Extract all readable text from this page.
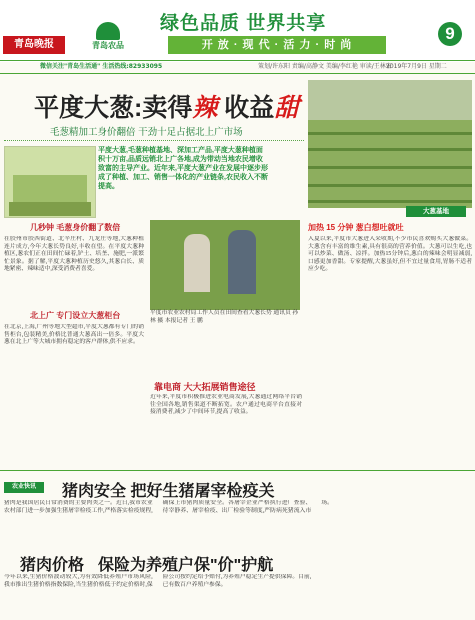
青岛晚报	青岛农品
绿色品质 世界共享
开 放 · 现 代 · 活 力 · 时 尚
9
微信关注"青岛生活通" 生活热线:82933095	策划/许东阳 责编/高静文 美编/李红艳 审读/王林宏
2019年7月9日 星期二
平度大葱:卖得辣 收益甜
毛葱精加工身价翻倍 干劲十足占据北上广市场
大葱基地
平度大葱,毛葱种植基地、深加工产品,平度大葱种植面积十万亩,品质远销北上广各地,成为带动当地农民增收致富的主导产业。近年来,平度大葱产业在发展中逐步形成了种植、加工、销售一体化的产业链条,农民收入不断提高。
几秒钟 毛葱身价翻了数倍
在胶州市胶西街道、北辛庄村、九龙庄等地,大葱种植连片成方,今年大葱长势良好,丰收在望。在平度大葱种植区,葱农们正在田间忙碌着,铲土、培垄、施肥,一派繁忙景象。据了解,平度大葱种植历史悠久,其葱白长、质地紧密、辣味适中,深受消费者喜爱。
北上广 专门设立大葱柜台
在北京,上海,广州等地大型超市,平度大葱都有专门的销售柜台,包装精美,价格比普通大葱高出一倍多。平度大葱在北上广等大城市拥有稳定的客户群体,供不应求。
平度市农业农村局工作人员在田间查看大葱长势 通讯员 孙 林 摄 本报记者 王 鹏
靠电商 大大拓展销售途径
近年来,平度市积极推进农业电商发展,大葱通过网络平台销往全国各地,销售渠道不断拓宽。农户通过电商平台直接对接消费者,减少了中间环节,提高了收益。
加热 15 分钟 葱白想吐就吐
入夏以来,平度市大葱进入采收期,不少市民喜欢购买大葱做菜。大葱含有丰富的维生素,具有很高的营养价值。大葱可以生吃,也可以炒菜、做汤、凉拌。加热15分钟后,葱白的辣味会明显减弱,口感更加香甜。专家提醒,大葱虽好,但不宜过量食用,胃肠不适者应少吃。
农业快讯	猪肉安全 把好生猪屠宰检疫关
猪肉是我国居民日常消费的主要肉类之一。近日,我市农业农村部门进一步加强生猪屠宰检疫工作,严格落实检疫规程,确保上市猪肉质量安全。各屠宰企业严格执行进厂查验、待宰静养、屠宰检疫、出厂检验等制度,严防病死猪流入市场。
猪肉价格 保险为养殖户保"价"护航
今年以来,生猪价格波动较大,为有效降低养殖户市场风险,我市推出生猪价格指数保险,当生猪价格低于约定价格时,保险公司按约定给予赔付,为养殖户稳定生产提供保障。目前,已有数百户养殖户参保。
